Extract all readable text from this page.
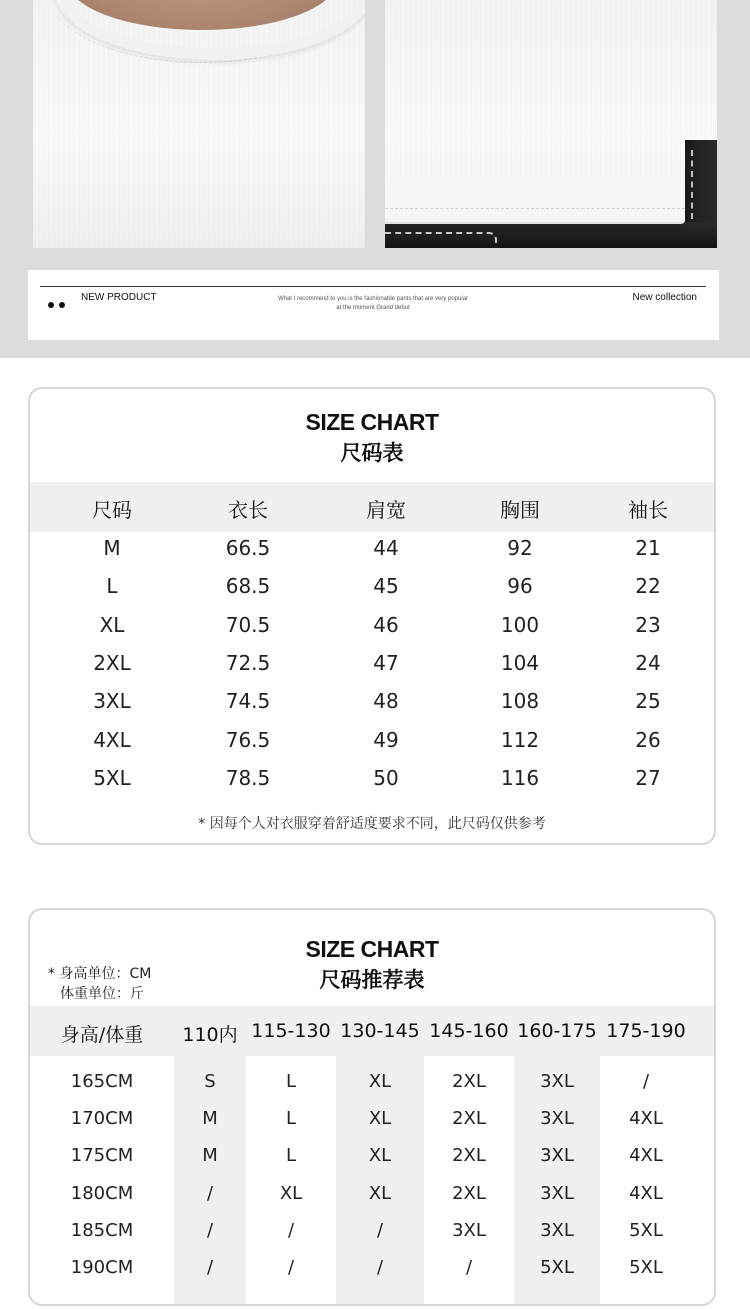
NEW PRODUCT	What I recommend to you is the fashionable pants that are very popular
at the moment Grand debut
New collection
SIZE CHART
尺码表
* 因每个人对衣服穿着舒适度要求不同，此尺码仅供参考
尺码	衣长	肩宽	胸围	袖长
M	66.5	44	92	21
L	68.5	45	96	22
XL	70.5	46	100	23
2XL	72.5	47	104	24
3XL	74.5	48	108	25
4XL	76.5	49	112	26
5XL	78.5	50	116	27
SIZE CHART
尺码推荐表
* 身高单位：CM
体重单位：斤
身高/体重	110内 115-130 130-145 145-160 160-175 175-190
165CM	S	L	XL	2XL	3XL	/
170CM	M	L	XL	2XL	3XL	4XL
175CM	M	L	XL	2XL	3XL	4XL
180CM	/	XL	XL	2XL	3XL	4XL
185CM	/	/	/	3XL	3XL	5XL
190CM	/	/	/	/	5XL	5XL
